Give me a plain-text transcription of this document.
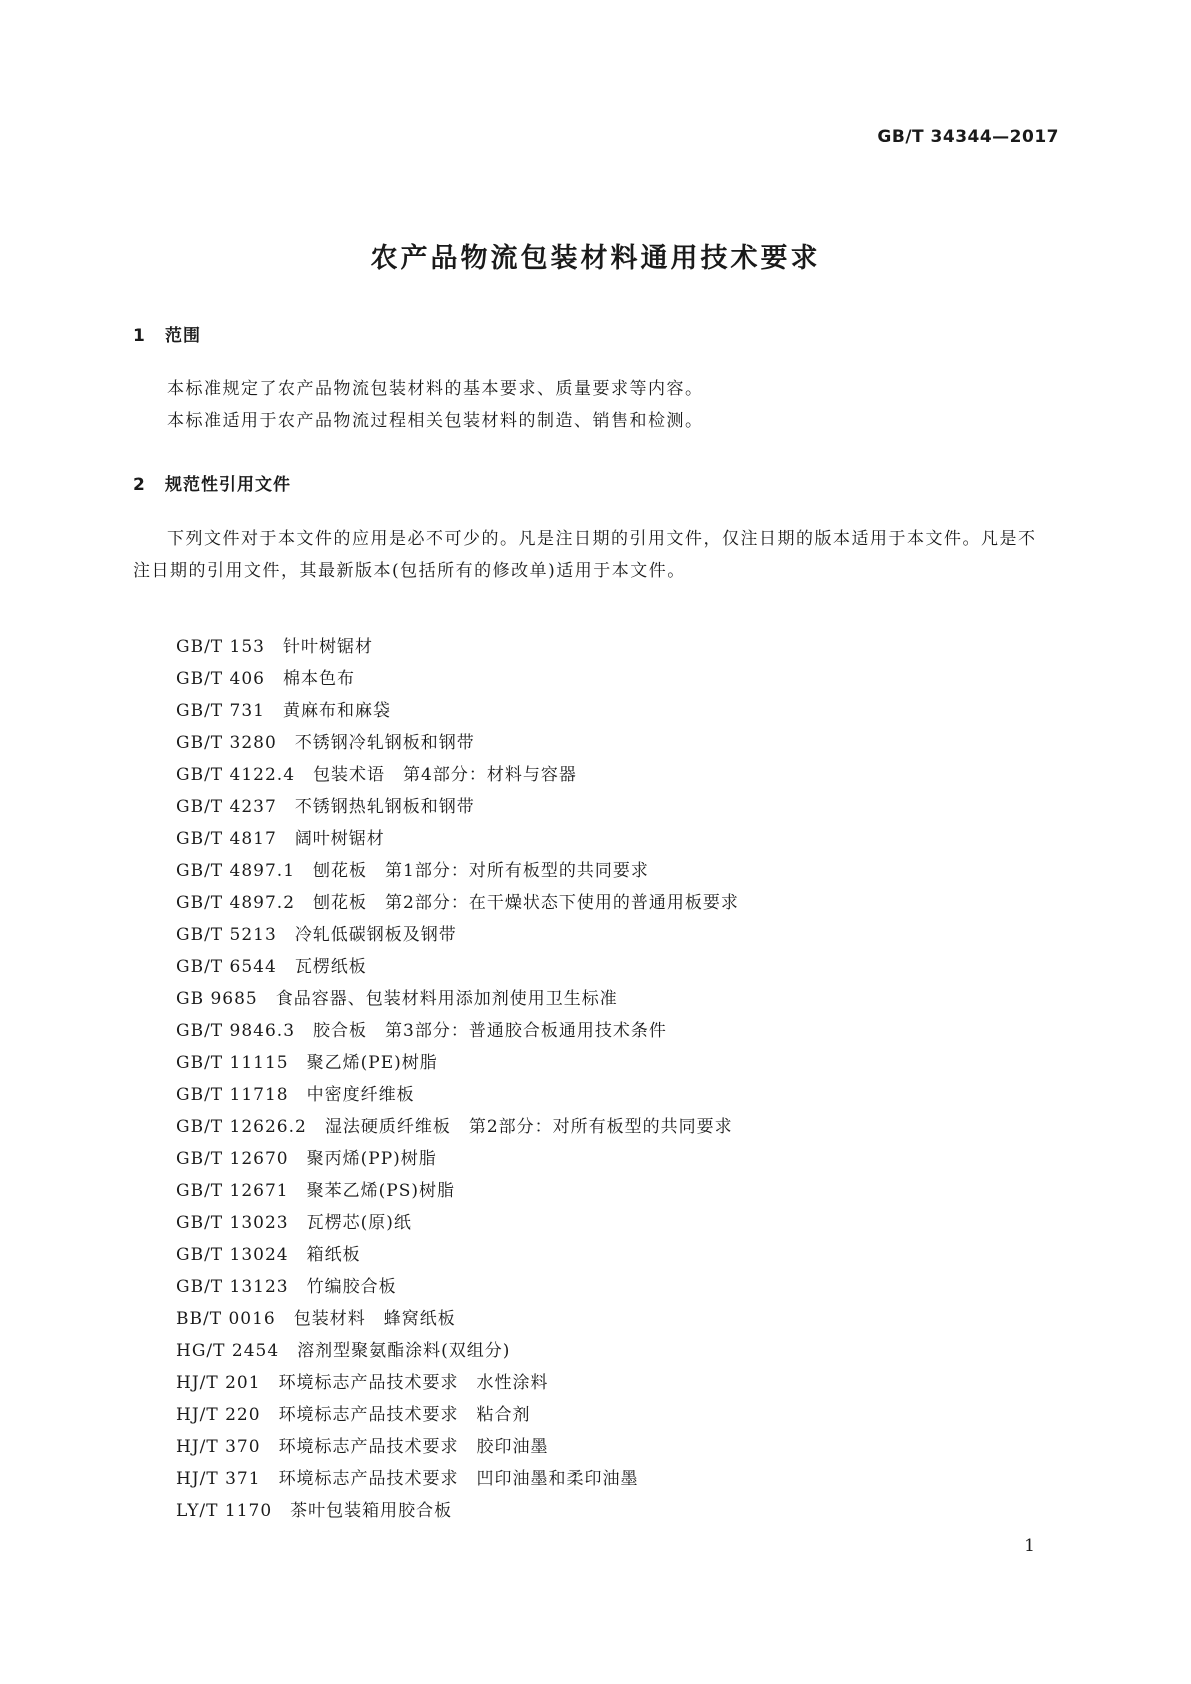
GB/T 34344—2017
农产品物流包装材料通用技术要求
1 范围

本标准规定了农产品物流包装材料的基本要求、质量要求等内容。

本标准适用于农产品物流过程相关包装材料的制造、销售和检测。

2 规范性引用文件

下列文件对于本文件的应用是必不可少的。凡是注日期的引用文件，仅注日期的版本适用于本文件。凡是不注日期的引用文件，其最新版本(包括所有的修改单)适用于本文件。

GB/T 153 针叶树锯材
GB/T 406 棉本色布
GB/T 731 黄麻布和麻袋
GB/T 3280 不锈钢冷轧钢板和钢带
GB/T 4122.4 包装术语　第4部分：材料与容器
GB/T 4237 不锈钢热轧钢板和钢带
GB/T 4817 阔叶树锯材
GB/T 4897.1 刨花板　第1部分：对所有板型的共同要求
GB/T 4897.2 刨花板　第2部分：在干燥状态下使用的普通用板要求
GB/T 5213 冷轧低碳钢板及钢带
GB/T 6544 瓦楞纸板
GB 9685 食品容器、包装材料用添加剂使用卫生标准
GB/T 9846.3 胶合板　第3部分：普通胶合板通用技术条件
GB/T 11115 聚乙烯(PE)树脂
GB/T 11718 中密度纤维板
GB/T 12626.2 湿法硬质纤维板　第2部分：对所有板型的共同要求
GB/T 12670 聚丙烯(PP)树脂
GB/T 12671 聚苯乙烯(PS)树脂
GB/T 13023 瓦楞芯(原)纸
GB/T 13024 箱纸板
GB/T 13123 竹编胶合板
BB/T 0016 包装材料　蜂窝纸板
HG/T 2454 溶剂型聚氨酯涂料(双组分)
HJ/T 201 环境标志产品技术要求　水性涂料
HJ/T 220 环境标志产品技术要求　粘合剂
HJ/T 370 环境标志产品技术要求　胶印油墨
HJ/T 371 环境标志产品技术要求　凹印油墨和柔印油墨
LY/T 1170 茶叶包装箱用胶合板
1
